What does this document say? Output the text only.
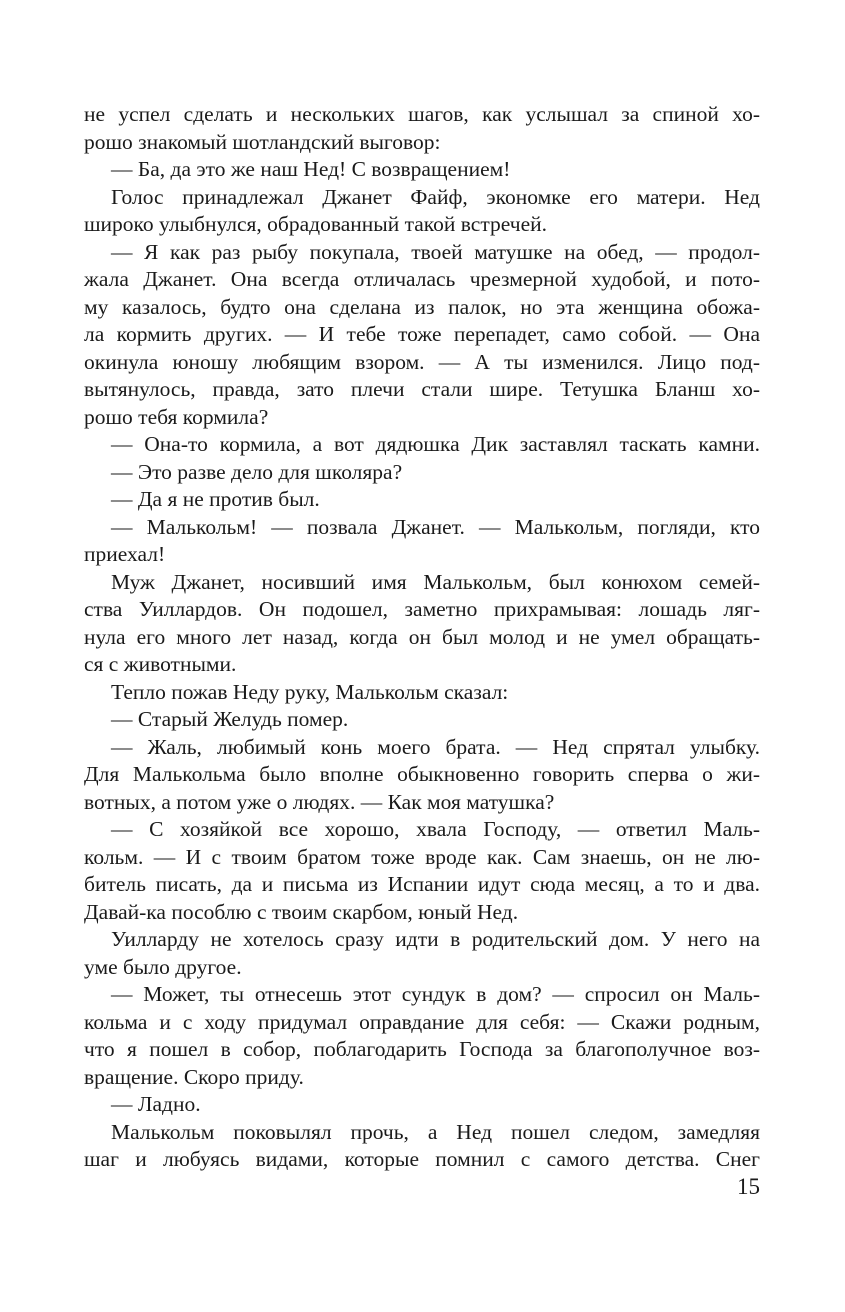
не успел сделать и нескольких шагов, как услышал за спиной хо-
рошо знакомый шотландский выговор:
— Ба, да это же наш Нед! С возвращением!
Голос принадлежал Джанет Файф, экономке его матери. Нед
широко улыбнулся, обрадованный такой встречей.
— Я как раз рыбу покупала, твоей матушке на обед, — продол-
жала Джанет. Она всегда отличалась чрезмерной худобой, и пото-
му казалось, будто она сделана из палок, но эта женщина обожа-
ла кормить других. — И тебе тоже перепадет, само собой. — Она
окинула юношу любящим взором. — А ты изменился. Лицо под-
вытянулось, правда, зато плечи стали шире. Тетушка Бланш хо-
рошо тебя кормила?
— Она-то кормила, а вот дядюшка Дик заставлял таскать камни.
— Это разве дело для школяра?
— Да я не против был.
— Малькольм! — позвала Джанет. — Малькольм, погляди, кто
приехал!
Муж Джанет, носивший имя Малькольм, был конюхом семей-
ства Уиллардов. Он подошел, заметно прихрамывая: лошадь ляг-
нула его много лет назад, когда он был молод и не умел обращать-
ся с животными.
Тепло пожав Неду руку, Малькольм сказал:
— Старый Желудь помер.
— Жаль, любимый конь моего брата. — Нед спрятал улыбку.
Для Малькольма было вполне обыкновенно говорить сперва о жи-
вотных, а потом уже о людях. — Как моя матушка?
— С хозяйкой все хорошо, хвала Господу, — ответил Маль-
кольм. — И с твоим братом тоже вроде как. Сам знаешь, он не лю-
битель писать, да и письма из Испании идут сюда месяц, а то и два.
Давай-ка пособлю с твоим скарбом, юный Нед.
Уилларду не хотелось сразу идти в родительский дом. У него на
уме было другое.
— Может, ты отнесешь этот сундук в дом? — спросил он Маль-
кольма и с ходу придумал оправдание для себя: — Скажи родным,
что я пошел в собор, поблагодарить Господа за благополучное воз-
вращение. Скоро приду.
— Ладно.
Малькольм поковылял прочь, а Нед пошел следом, замедляя
шаг и любуясь видами, которые помнил с самого детства. Снег
15
